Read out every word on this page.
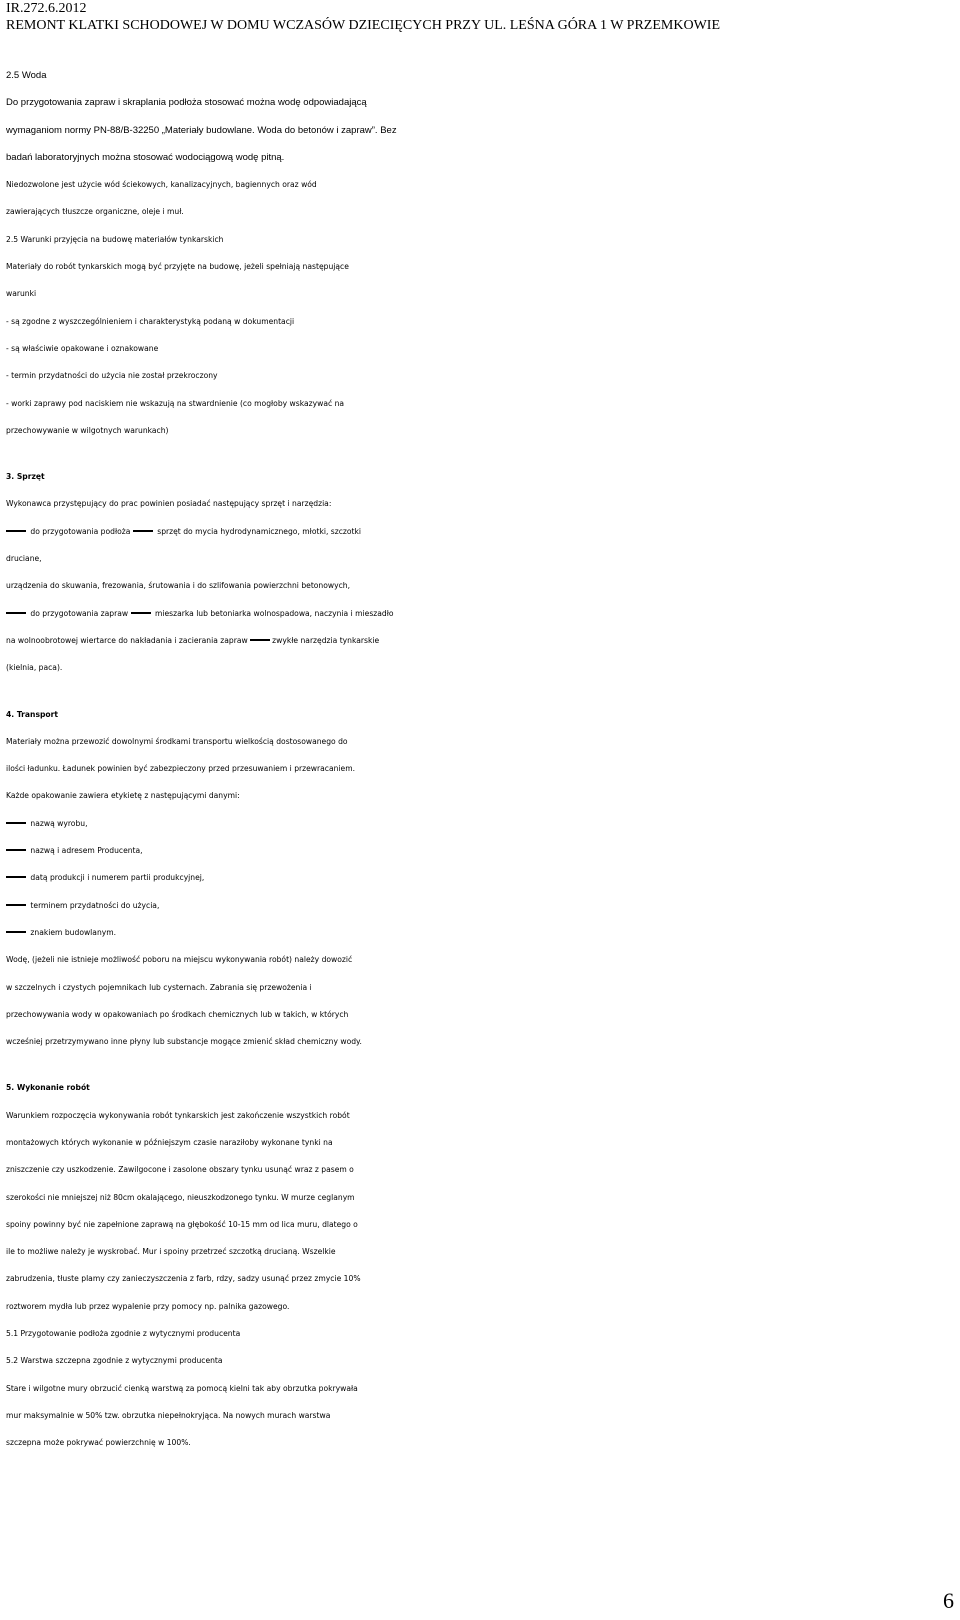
IR.272.6.2012
REMONT KLATKI SCHODOWEJ W DOMU WCZASÓW DZIECIĘCYCH PRZY UL. LEŚNA GÓRA 1 W PRZEMKOWIE
2.5 Woda
Do przygotowania zapraw i skraplania podłoża stosować można wodę odpowiadającą
wymaganiom normy PN-88/B-32250 „Materiały budowlane. Woda do betonów i zapraw”. Bez
badań laboratoryjnych można stosować wodociągową wodę pitną.
Niedozwolone jest użycie wód ściekowych, kanalizacyjnych, bagiennych oraz wód
zawierających tłuszcze organiczne, oleje i muł.
2.5 Warunki przyjęcia na budowę materiałów tynkarskich
Materiały do robót tynkarskich mogą być przyjęte na budowę, jeżeli spełniają następujące
warunki
- są zgodne z wyszczególnieniem i charakterystyką podaną w dokumentacji
- są właściwie opakowane i oznakowane
- termin przydatności do użycia nie został przekroczony
- worki zaprawy pod naciskiem nie wskazują na stwardnienie (co mogłoby wskazywać na
przechowywanie w wilgotnych warunkach)
3. Sprzęt
Wykonawca przystępujący do prac powinien posiadać następujący sprzęt i narzędzia:
do przygotowania podłoża	sprzęt do mycia hydrodynamicznego, młotki, szczotki
druciane,
urządzenia do skuwania, frezowania, śrutowania i do szlifowania powierzchni betonowych,
do przygotowania zapraw	mieszarka lub betoniarka wolnospadowa, naczynia i mieszadło
na wolnoobrotowej wiertarce do nakładania i zacierania zapraw	zwykłe narzędzia tynkarskie
(kielnia, paca).
4. Transport
Materiały można przewozić dowolnymi środkami transportu wielkością dostosowanego do
ilości ładunku. Ładunek powinien być zabezpieczony przed przesuwaniem i przewracaniem.
Każde opakowanie zawiera etykietę z następującymi danymi:
nazwą wyrobu,
nazwą i adresem Producenta,
datą produkcji i numerem partii produkcyjnej,
terminem przydatności do użycia,
znakiem budowlanym.
Wodę, (jeżeli nie istnieje możliwość poboru na miejscu wykonywania robót) należy dowozić
w szczelnych i czystych pojemnikach lub cysternach. Zabrania się przewożenia i
przechowywania wody w opakowaniach po środkach chemicznych lub w takich, w których
wcześniej przetrzymywano inne płyny lub substancje mogące zmienić skład chemiczny wody.
5. Wykonanie robót
Warunkiem rozpoczęcia wykonywania robót tynkarskich jest zakończenie wszystkich robót
montażowych których wykonanie w późniejszym czasie naraziłoby wykonane tynki na
zniszczenie czy uszkodzenie. Zawilgocone i zasolone obszary tynku usunąć wraz z pasem o
szerokości nie mniejszej niż 80cm okalającego, nieuszkodzonego tynku. W murze ceglanym
spoiny powinny być nie zapełnione zaprawą na głębokość 10-15 mm od lica muru, dlatego o
ile to możliwe należy je wyskrobać. Mur i spoiny przetrzeć szczotką drucianą. Wszelkie
zabrudzenia, tłuste plamy czy zanieczyszczenia z farb, rdzy, sadzy usunąć przez zmycie 10%
roztworem mydła lub przez wypalenie przy pomocy np. palnika gazowego.
5.1 Przygotowanie podłoża zgodnie z wytycznymi producenta
5.2 Warstwa szczepna zgodnie z wytycznymi producenta
Stare i wilgotne mury obrzucić cienką warstwą za pomocą kielni tak aby obrzutka pokrywała
mur maksymalnie w 50% tzw. obrzutka niepełnokryjąca. Na nowych murach warstwa
szczepna może pokrywać powierzchnię w 100%.
6
